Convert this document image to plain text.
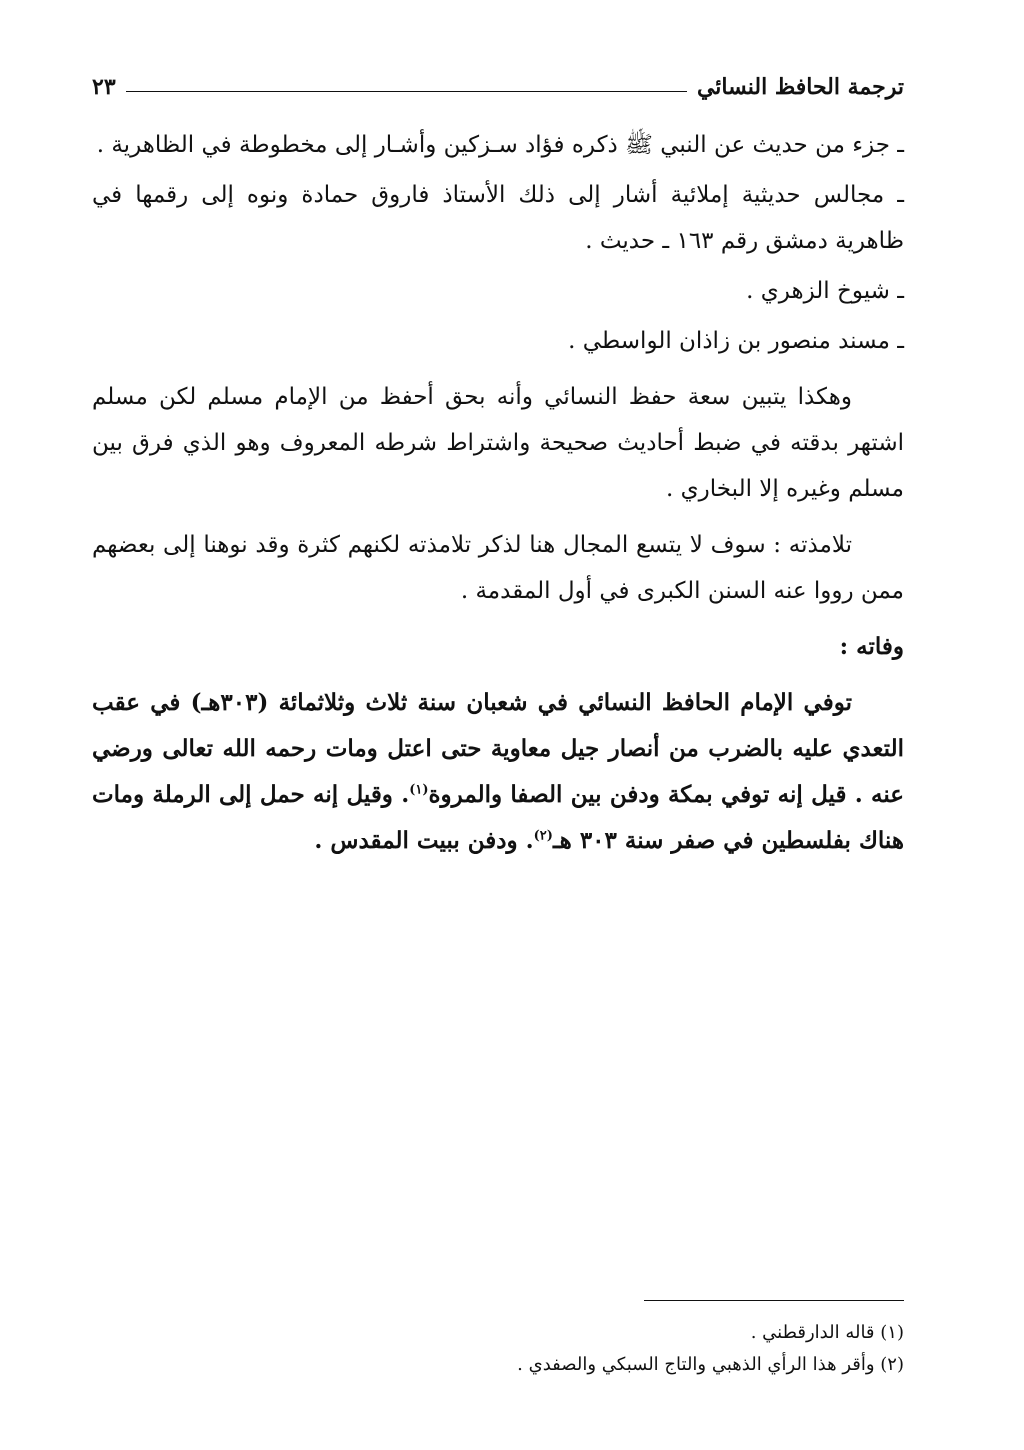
ترجمة الحافظ النسائي
٢٣

ـ جزء من حديث عن النبي ﷺ ذكره فؤاد سـزكين وأشـار إلى مخطوطة في الظاهرية .

ـ مجالس حديثية إملائية أشار إلى ذلك الأستاذ فاروق حمادة ونوه إلى رقمها في ظاهرية دمشق رقم ١٦٣ ـ حديث .

ـ شيوخ الزهري .

ـ مسند منصور بن زاذان الواسطي .

وهكذا يتبين سعة حفظ النسائي وأنه بحق أحفظ من الإمام مسلم لكن مسلم اشتهر بدقته في ضبط أحاديث صحيحة واشتراط شرطه المعروف وهو الذي فرق بين مسلم وغيره إلا البخاري .

تلامذته : سوف لا يتسع المجال هنا لذكر تلامذته لكنهم كثرة وقد نوهنا إلى بعضهم ممن رووا عنه السنن الكبرى في أول المقدمة .

وفاته :

توفي الإمام الحافظ النسائي في شعبان سنة ثلاث وثلاثمائة (٣٠٣هـ) في عقب التعدي عليه بالضرب من أنصار جيل معاوية حتى اعتل ومات رحمه الله تعالى ورضي عنه . قيل إنه توفي بمكة ودفن بين الصفا والمروة$^{(١)}$. وقيل إنه حمل إلى الرملة ومات هناك بفلسطين في صفر سنة ٣٠٣ هـ$^{(٢)}$. ودفن ببيت المقدس .

(١) قاله الدارقطني .

(٢) وأقر هذا الرأي الذهبي والتاج السبكي والصفدي .
